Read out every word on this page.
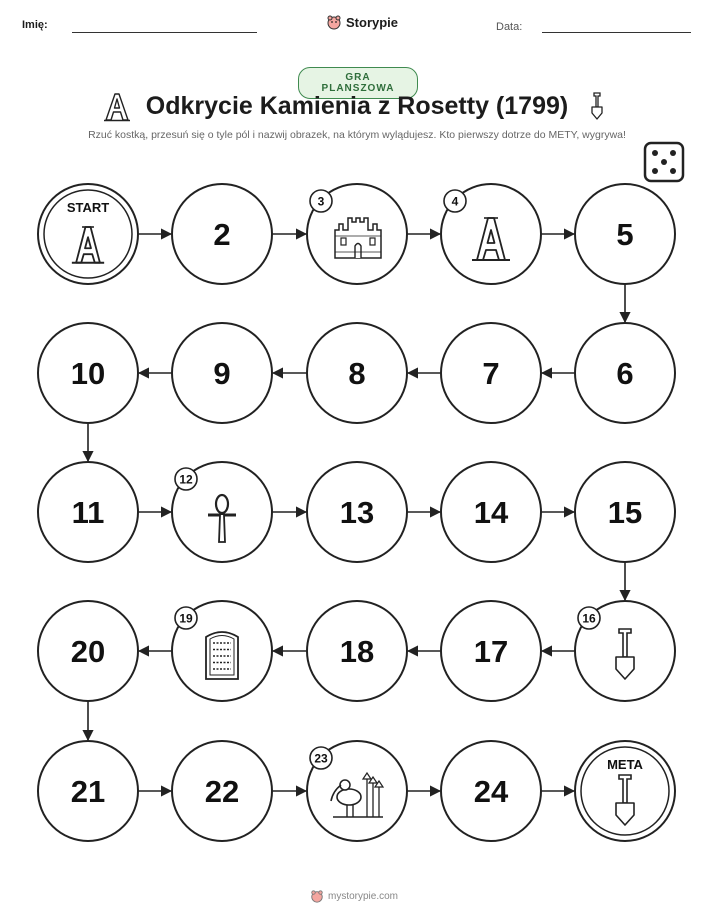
Imię:	Storypie	Data:
GRA PLANSZOWA
Odkrycie Kamienia z Rosetty (1799)
Rzuć kostką, przesuń się o tyle pól i nazwij obrazek, na którym wylądujesz. Kto pierwszy dotrze do METY, wygrywa!
START
2
3	4
5
6
7
8
9
10
11
12
13	14	15
16
17
18
19
20
21	22
23
24
META
mystorypie.com
